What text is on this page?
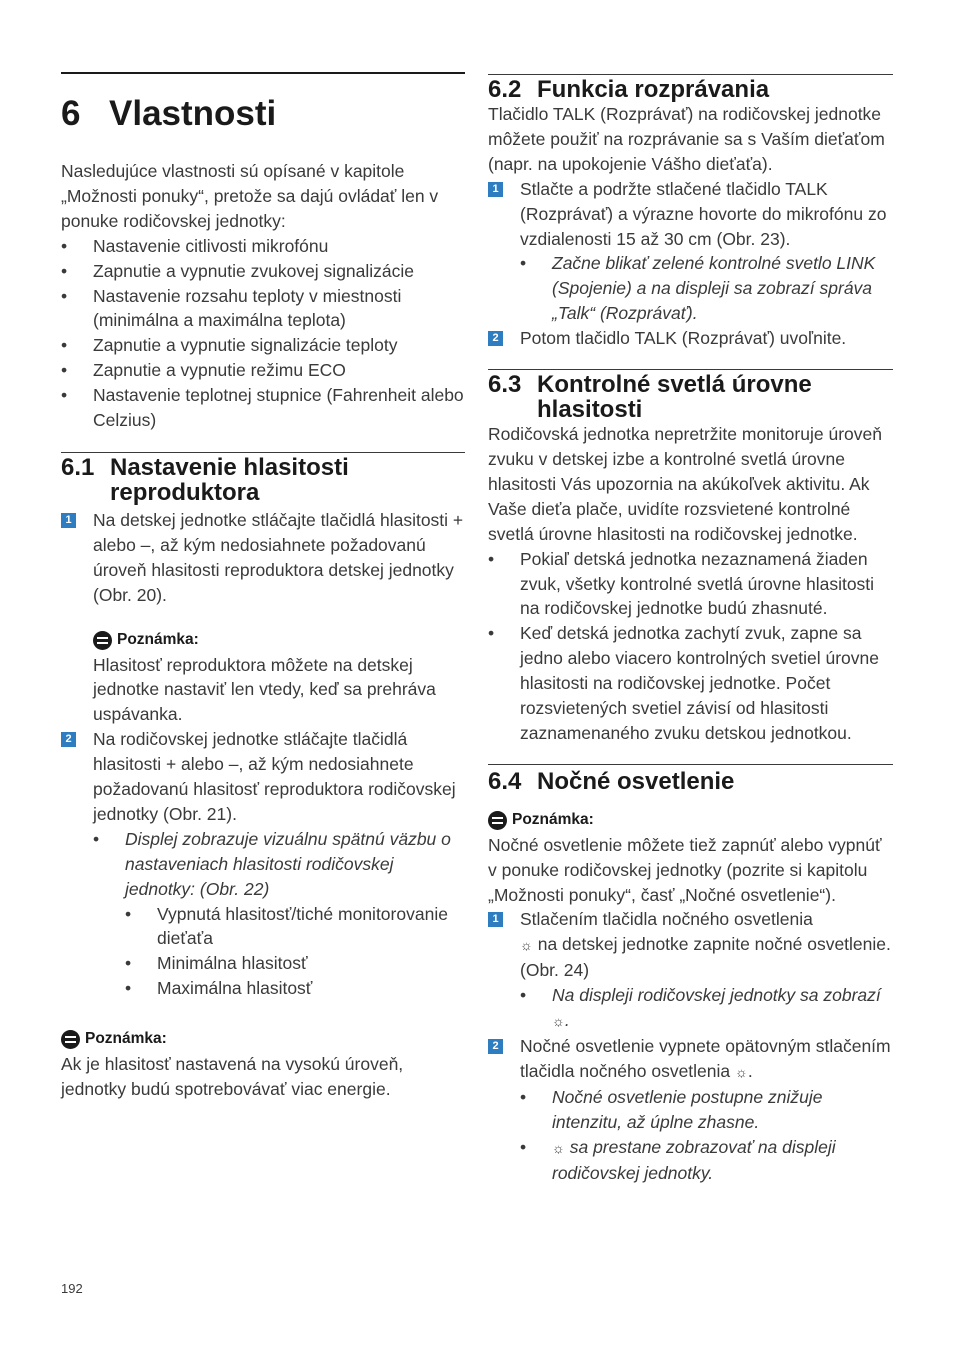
6 Vlastnosti

Nasledujúce vlastnosti sú opísané v kapitole „Možnosti ponuky“, pretože sa dajú ovládať len v ponuke rodičovskej jednotky:

• Nastavenie citlivosti mikrofónu
• Zapnutie a vypnutie zvukovej signalizácie
• Nastavenie rozsahu teploty v miestnosti (minimálna a maximálna teplota)
• Zapnutie a vypnutie signalizácie teploty
• Zapnutie a vypnutie režimu ECO
• Nastavenie teplotnej stupnice (Fahrenheit alebo Celzius)
6.1 Nastavenie hlasitosti reproduktora
1 Na detskej jednotke stláčajte tlačidlá hlasitosti + alebo –, až kým nedosiahnete požadovanú úroveň hlasitosti reproduktora detskej jednotky (Obr. 20).
Poznámka:

Hlasitosť reproduktora môžete na detskej jednotke nastaviť len vtedy, keď sa prehráva uspávanka.

2 Na rodičovskej jednotke stláčajte tlačidlá hlasitosti + alebo –, až kým nedosiahnete požadovanú hlasitosť reproduktora rodičovskej jednotky (Obr. 21).
• Displej zobrazuje vizuálnu spätnú väzbu o nastaveniach hlasitosti rodičovskej jednotky: (Obr. 22)
• Vypnutá hlasitosť/tiché monitorovanie dieťaťa
• Minimálna hlasitosť
• Maximálna hlasitosť
Poznámka:

Ak je hlasitosť nastavená na vysokú úroveň, jednotky budú spotrebovávať viac energie.

6.2 Funkcia rozprávania

Tlačidlo TALK (Rozprávať) na rodičovskej jednotke môžete použiť na rozprávanie sa s Vaším dieťaťom (napr. na upokojenie Vášho dieťaťa).

1 Stlačte a podržte stlačené tlačidlo TALK (Rozprávať) a výrazne hovorte do mikrofónu zo vzdialenosti 15 až 30 cm (Obr. 23).
• Začne blikať zelené kontrolné svetlo LINK (Spojenie) a na displeji sa zobrazí správa „Talk“ (Rozprávať).
2 Potom tlačidlo TALK (Rozprávať) uvoľnite.
6.3 Kontrolné svetlá úrovne hlasitosti

Rodičovská jednotka nepretržite monitoruje úroveň zvuku v detskej izbe a kontrolné svetlá úrovne hlasitosti Vás upozornia na akúkoľvek aktivitu. Ak Vaše dieťa plače, uvidíte rozsvietené kontrolné svetlá úrovne hlasitosti na rodičovskej jednotke.

• Pokiaľ detská jednotka nezaznamená žiaden zvuk, všetky kontrolné svetlá úrovne hlasitosti na rodičovskej jednotke budú zhasnuté.
• Keď detská jednotka zachytí zvuk, zapne sa jedno alebo viacero kontrolných svetiel úrovne hlasitosti na rodičovskej jednotke. Počet rozsvietených svetiel závisí od hlasitosti zaznamenaného zvuku detskou jednotkou.
6.4 Nočné osvetlenie
Poznámka:

Nočné osvetlenie môžete tiež zapnúť alebo vypnúť v ponuke rodičovskej jednotky (pozrite si kapitolu „Možnosti ponuky“, časť „Nočné osvetlenie“).

1 Stlačením tlačidla nočného osvetlenia
☼ na detskej jednotke zapnite nočné osvetlenie. (Obr. 24)
• Na displeji rodičovskej jednotky sa zobrazí ☼.
2 Nočné osvetlenie vypnete opätovným stlačením tlačidla nočného osvetlenia ☼.
• Nočné osvetlenie postupne znižuje intenzitu, až úplne zhasne.
• ☼ sa prestane zobrazovať na displeji rodičovskej jednotky.
192
